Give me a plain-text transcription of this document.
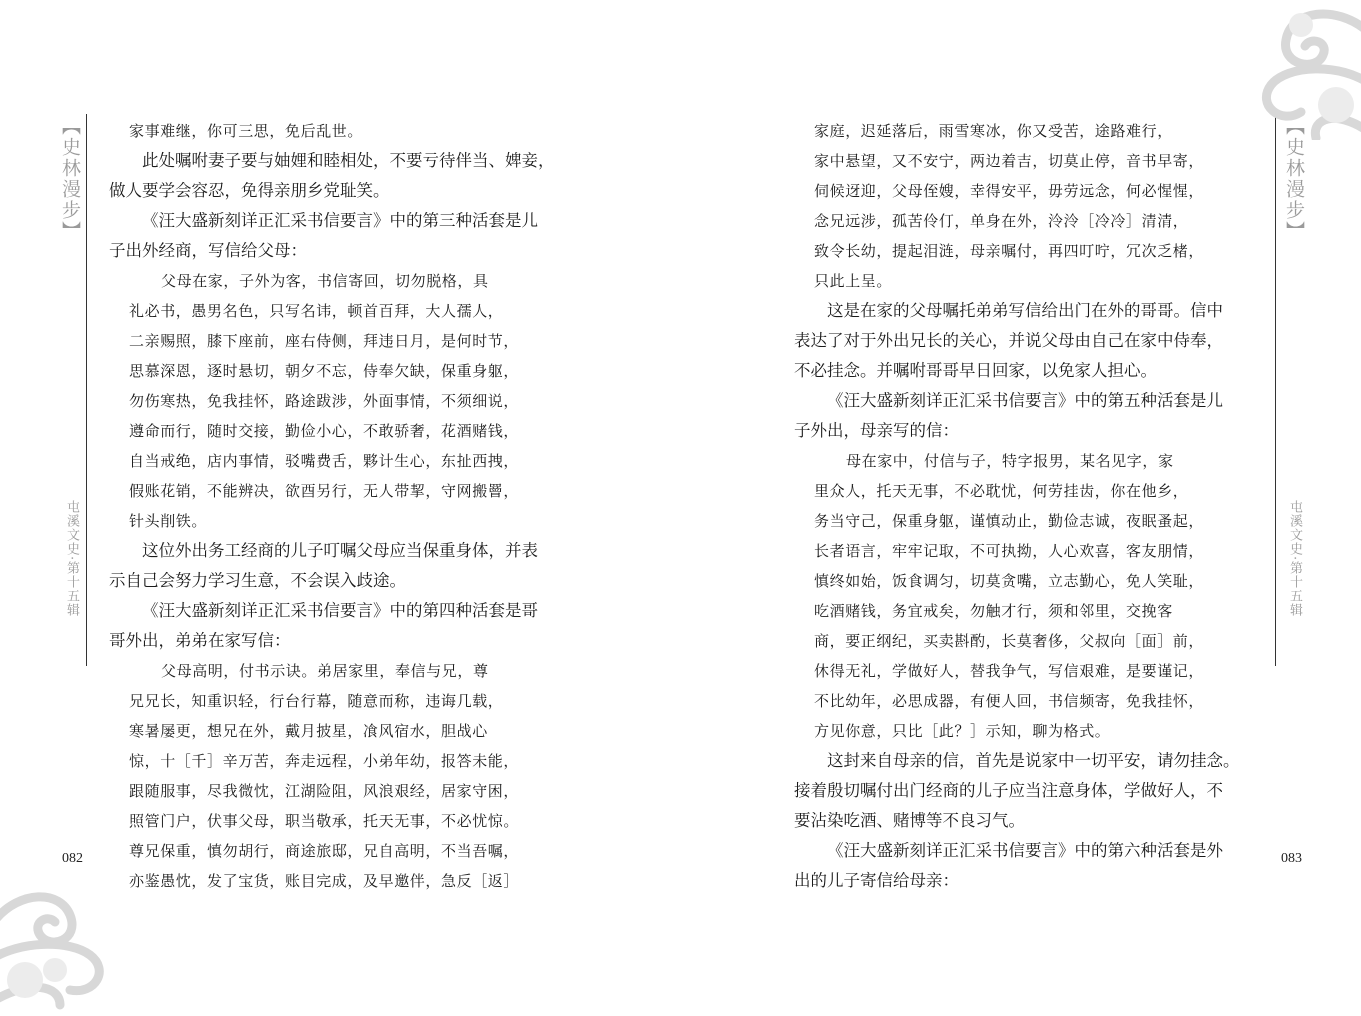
【史林漫步】
屯溪文史·第十五辑
082
家事难继，你可三思，免后乱世。
此处嘱咐妻子要与妯娌和睦相处，不要亏待伴当、婢妾，
做人要学会容忍，免得亲朋乡党耻笑。
《汪大盛新刻详正汇采书信要言》中的第三种活套是儿
子出外经商，写信给父母：
父母在家，子外为客，书信寄回，切勿脱格，具
礼必书，愚男名色，只写名讳，顿首百拜，大人孺人，
二亲赐照，膝下座前，座右侍侧，拜违日月，是何时节，
思慕深恩，逐时悬切，朝夕不忘，侍奉欠缺，保重身躯，
勿伤寒热，免我挂怀，路途跋涉，外面事情，不须细说，
遵命而行，随时交接，勤俭小心，不敢骄奢，花酒赌钱，
自当戒绝，店内事情，驳嘴费舌，夥计生心，东扯西拽，
假账花销，不能辨决，欲酉另行，无人带挈，守网搬罾，
针头削铁。
这位外出务工经商的儿子叮嘱父母应当保重身体，并表
示自己会努力学习生意，不会误入歧途。
《汪大盛新刻详正汇采书信要言》中的第四种活套是哥
哥外出，弟弟在家写信：
父母高明，付书示诀。弟居家里，奉信与兄，尊
兄兄长，知重识轻，行台行幕，随意而称，违诲几载，
寒暑屡更，想兄在外，戴月披星，飡风宿水，胆战心
惊，十［千］辛万苦，奔走远程，小弟年幼，报答未能，
跟随服事，尽我微忱，江湖险阻，风浪艰经，居家守困，
照管门户，伏事父母，职当敬承，托天无事，不必忧惊。
尊兄保重，慎勿胡行，商途旅邸，兄自高明，不当吾嘱，
亦鉴愚忱，发了宝货，账目完成，及早邀伴，急反［返］
家庭，迟延落后，雨雪寒冰，你又受苦，途路难行，
家中悬望，又不安宁，两边着吉，切莫止停，音书早寄，
伺候迓迎，父母侄嫂，幸得安平，毋劳远念，何必惺惺，
念兄远涉，孤苦伶仃，单身在外，泠泠［冷冷］清清，
致令长幼，提起泪涟，母亲嘱付，再四叮咛，冗次乏楮，
只此上呈。
这是在家的父母嘱托弟弟写信给出门在外的哥哥。信中
表达了对于外出兄长的关心，并说父母由自己在家中侍奉，
不必挂念。并嘱咐哥哥早日回家，以免家人担心。
《汪大盛新刻详正汇采书信要言》中的第五种活套是儿
子外出，母亲写的信：
母在家中，付信与子，特字报男，某名见字，家
里众人，托天无事，不必耽忧，何劳挂齿，你在他乡，
务当守己，保重身躯，谨慎动止，勤俭志诚，夜眠蚤起，
长者语言，牢牢记取，不可执拗，人心欢喜，客友朋情，
慎终如始，饭食调匀，切莫贪嘴，立志勤心，免人笑耻，
吃酒赌钱，务宜戒矣，勿触才行，须和邻里，交挽客
商，要正纲纪，买卖斟酌，长莫奢侈，父叔向［面］前，
休得无礼，学做好人，替我争气，写信艰难，是要谨记，
不比幼年，必思成器，有便人回，书信频寄，免我挂怀，
方见你意，只比［此？］示知，聊为格式。
这封来自母亲的信，首先是说家中一切平安，请勿挂念。
接着殷切嘱付出门经商的儿子应当注意身体，学做好人，不
要沾染吃酒、赌博等不良习气。
《汪大盛新刻详正汇采书信要言》中的第六种活套是外
出的儿子寄信给母亲：
【史林漫步】
屯溪文史·第十五辑
083
